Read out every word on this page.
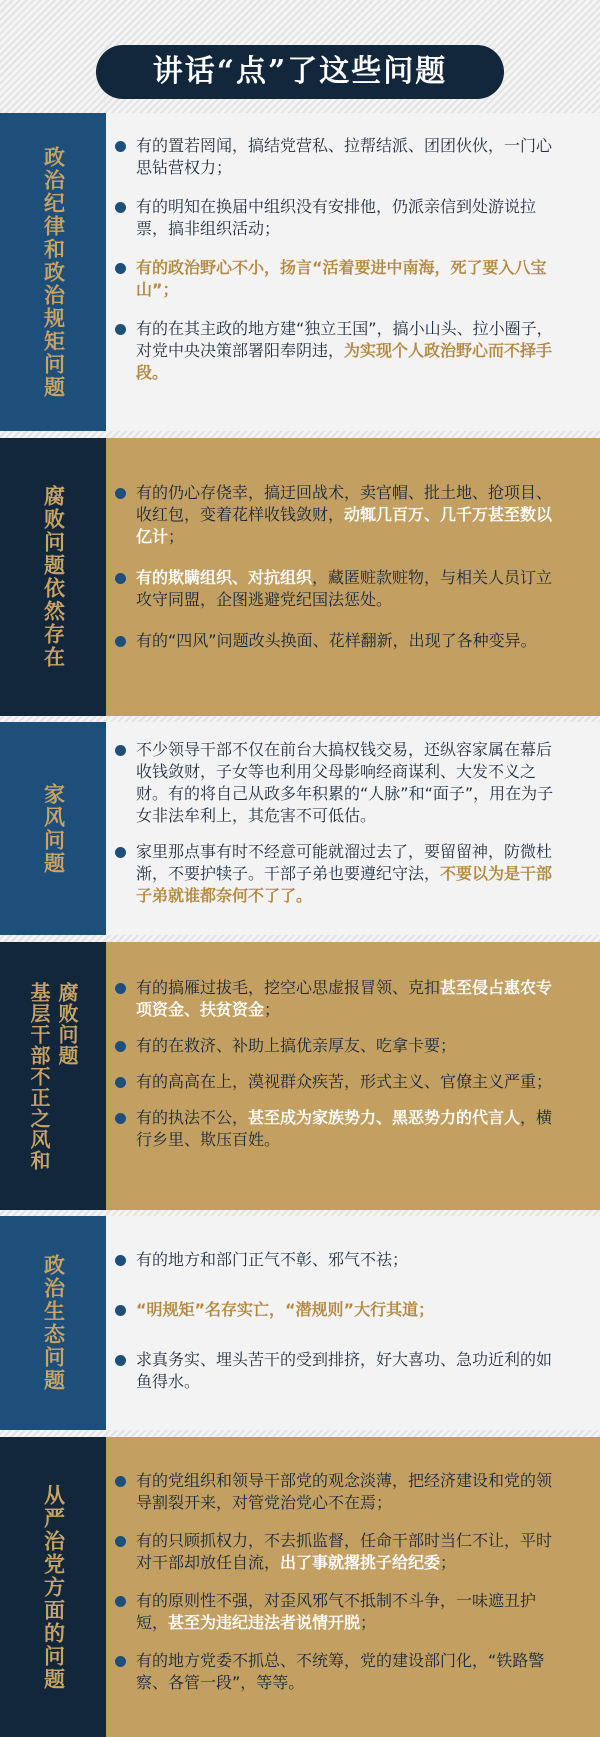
讲话“点”了这些问题
政治纪律和政治规矩问题	有的置若罔闻，搞结党营私、拉帮结派、团团伙伙，一门心思钻营权力；
有的明知在换届中组织没有安排他，仍派亲信到处游说拉票，搞非组织活动；
有的政治野心不小，扬言“活着要进中南海，死了要入八宝山”；
有的在其主政的地方建“独立王国”，搞小山头、拉小圈子，对党中央决策部署阳奉阴违，为实现个人政治野心而不择手段。
腐败问题依然存在	有的仍心存侥幸，搞迂回战术，卖官帽、批土地、抢项目、收红包，变着花样收钱敛财，动辄几百万、几千万甚至数以亿计；
有的欺瞒组织、对抗组织，藏匿赃款赃物，与相关人员订立攻守同盟，企图逃避党纪国法惩处。
有的“四风”问题改头换面、花样翻新，出现了各种变异。
家风问题
不少领导干部不仅在前台大搞权钱交易，还纵容家属在幕后收钱敛财，子女等也利用父母影响经商谋利、大发不义之财。有的将自己从政多年积累的“人脉”和“面子”，用在为子女非法牟利上，其危害不可低估。
家里那点事有时不经意可能就溜过去了，要留留神，防微杜渐，不要护犊子。干部子弟也要遵纪守法，不要以为是干部子弟就谁都奈何不了了。
腐败问题
基层干部不正之风和	有的搞雁过拔毛，挖空心思虚报冒领、克扣甚至侵占惠农专项资金、扶贫资金；
有的在救济、补助上搞优亲厚友、吃拿卡要；
有的高高在上，漠视群众疾苦，形式主义、官僚主义严重；
有的执法不公，甚至成为家族势力、黑恶势力的代言人，横行乡里、欺压百姓。
政治生态问题	有的地方和部门正气不彰、邪气不祛；
“明规矩”名存实亡，“潜规则”大行其道；
求真务实、埋头苦干的受到排挤，好大喜功、急功近利的如鱼得水。
从严治党方面的问题
有的党组织和领导干部党的观念淡薄，把经济建设和党的领导割裂开来，对管党治党心不在焉；
有的只顾抓权力，不去抓监督，任命干部时当仁不让，平时对干部却放任自流，出了事就撂挑子给纪委；
有的原则性不强，对歪风邪气不抵制不斗争，一味遮丑护短，甚至为违纪违法者说情开脱；
有的地方党委不抓总、不统筹，党的建设部门化，“铁路警察、各管一段”，等等。
